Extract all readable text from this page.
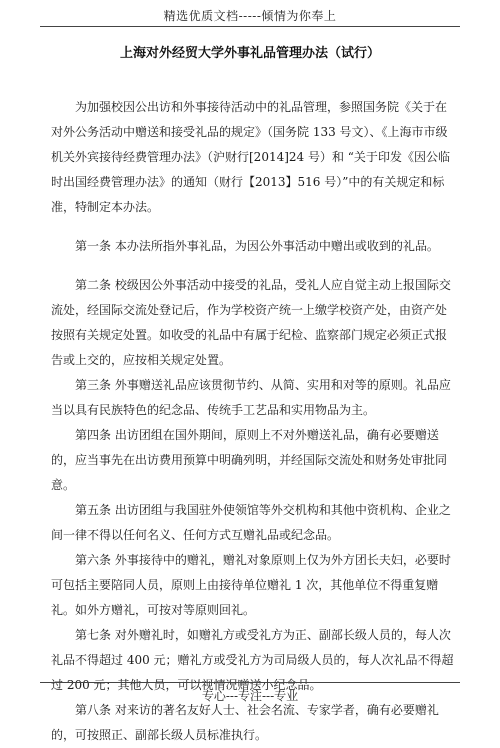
精选优质文档-----倾情为你奉上
上海对外经贸大学外事礼品管理办法（试行）

为加强校因公出访和外事接待活动中的礼品管理，参照国务院《关于在对外公务活动中赠送和接受礼品的规定》（国务院 133 号文）、《上海市市级机关外宾接待经费管理办法》（沪财行[2014]24 号）和 “关于印发《因公临时出国经费管理办法》的通知（财行【2013】516 号）”中的有关规定和标准，特制定本办法。

第一条 本办法所指外事礼品，为因公外事活动中赠出或收到的礼品。

第二条 校级因公外事活动中接受的礼品，受礼人应自觉主动上报国际交流处，经国际交流处登记后，作为学校资产统一上缴学校资产处，由资产处按照有关规定处置。如收受的礼品中有属于纪检、监察部门规定必须正式报告或上交的，应按相关规定处置。

第三条 外事赠送礼品应该贯彻节约、从简、实用和对等的原则。礼品应当以具有民族特色的纪念品、传统手工艺品和实用物品为主。

第四条 出访团组在国外期间，原则上不对外赠送礼品，确有必要赠送的，应当事先在出访费用预算中明确列明，并经国际交流处和财务处审批同意。

第五条 出访团组与我国驻外使领馆等外交机构和其他中资机构、企业之间一律不得以任何名义、任何方式互赠礼品或纪念品。

第六条 外事接待中的赠礼，赠礼对象原则上仅为外方团长夫妇，必要时可包括主要陪同人员，原则上由接待单位赠礼 1 次，其他单位不得重复赠礼。如外方赠礼，可按对等原则回礼。

第七条 对外赠礼时，如赠礼方或受礼方为正、副部长级人员的，每人次礼品不得超过 400 元；赠礼方或受礼方为司局级人员的，每人次礼品不得超过 200 元；其他人员，可以视情况赠送小纪念品。

第八条 对来访的著名友好人士、社会名流、专家学者，确有必要赠礼的，可按照正、副部长级人员标准执行。

专心---专注---专业
